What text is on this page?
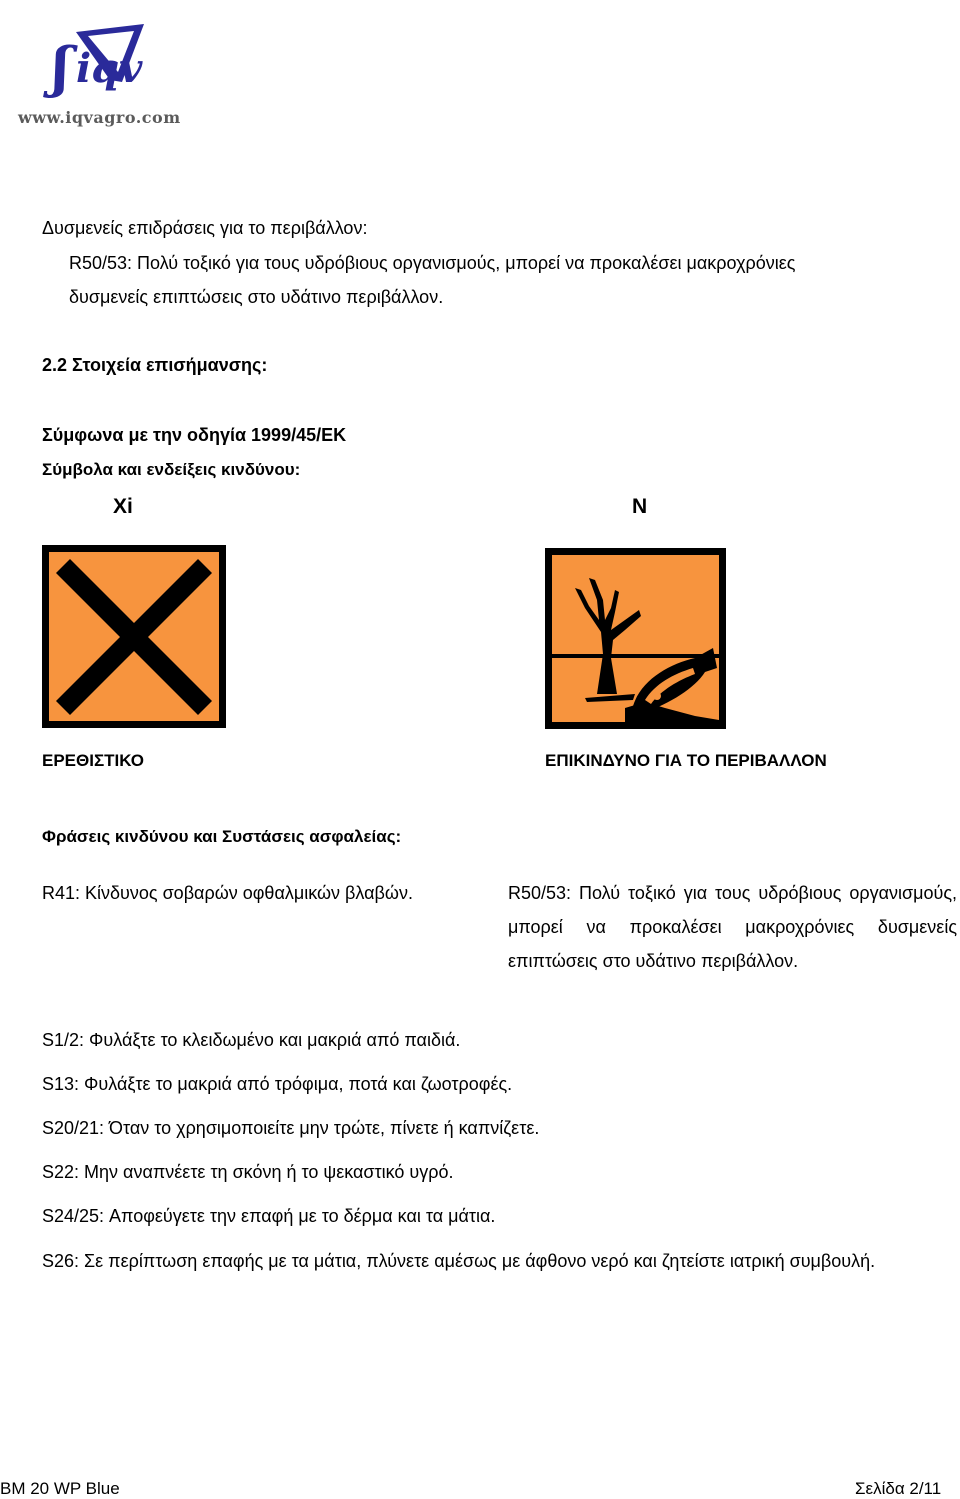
ʃ iqv
www.iqvagro.com
Δυσμενείς επιδράσεις για το περιβάλλον:
R50/53: Πολύ τοξικό για τους υδρόβιους οργανισμούς, μπορεί να προκαλέσει μακροχρόνιες
δυσμενείς επιπτώσεις στο υδάτινο περιβάλλον.
2.2 Στοιχεία επισήμανσης:
Σύμφωνα με την οδηγία 1999/45/ΕΚ
Σύμβολα και ενδείξεις κινδύνου:
Xi	N
ΕΡΕΘΙΣΤΙΚΟ	ΕΠΙΚΙΝΔΥΝΟ ΓΙΑ ΤΟ ΠΕΡΙΒΑΛΛΟΝ
Φράσεις κινδύνου και Συστάσεις ασφαλείας:
R41: Κίνδυνος σοβαρών οφθαλμικών βλαβών.	R50/53: Πολύ τοξικό για τους υδρόβιους οργανισμούς, μπορεί να προκαλέσει μακροχρόνιες δυσμενείς επιπτώσεις στο υδάτινο περιβάλλον.
S1/2: Φυλάξτε το κλειδωμένο και μακριά από παιδιά.
S13: Φυλάξτε το μακριά από τρόφιμα, ποτά και ζωοτροφές.
S20/21: Όταν το χρησιμοποιείτε μην τρώτε, πίνετε ή καπνίζετε.
S22: Μην αναπνέετε τη σκόνη ή το ψεκαστικό υγρό.
S24/25: Αποφεύγετε την επαφή με το δέρμα και τα μάτια.
S26: Σε περίπτωση επαφής με τα μάτια, πλύνετε αμέσως με άφθονο νερό και ζητείστε ιατρική συμβουλή.
BM 20 WP Blue	Σελίδα 2/11
